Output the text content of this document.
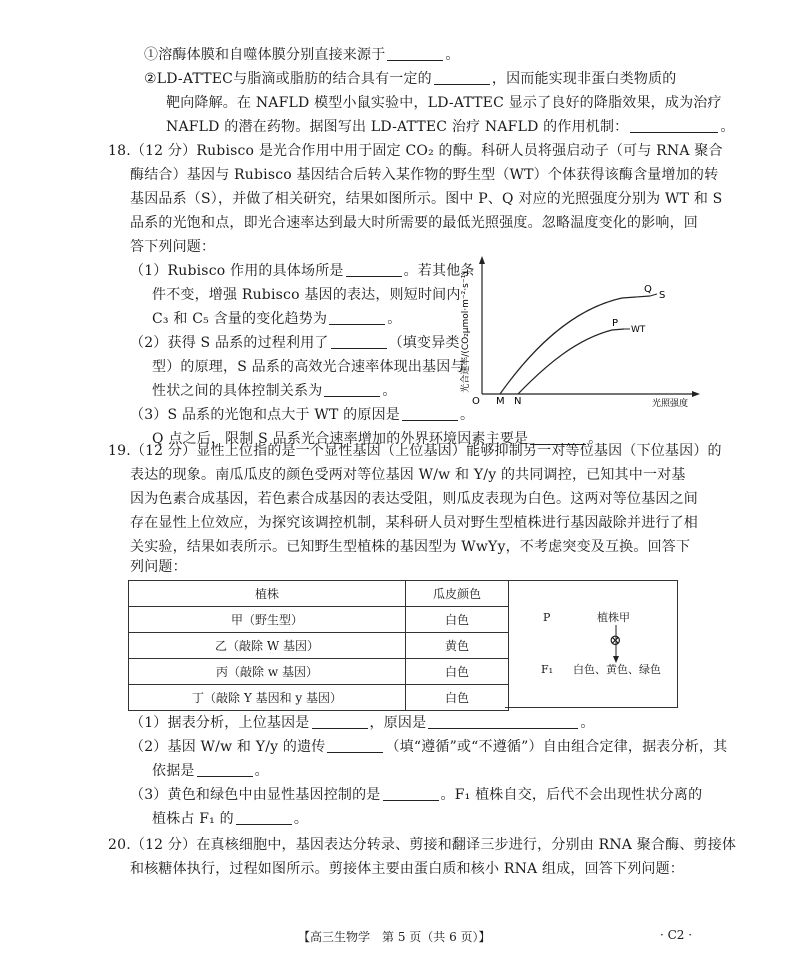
①溶酶体膜和自噬体膜分别直接来源于	。
②LD-ATTEC与脂滴或脂肪的结合具有一定的	，因而能实现非蛋白类物质的
靶向降解。在 NAFLD 模型小鼠实验中，LD-ATTEC 显示了良好的降脂效果，成为治疗
NAFLD 的潜在药物。据图写出 LD-ATTEC 治疗 NAFLD 的作用机制：	。
18.（12 分）Rubisco 是光合作用中用于固定 CO₂ 的酶。科研人员将强启动子（可与 RNA 聚合
酶结合）基因与 Rubisco 基因结合后转入某作物的野生型（WT）个体获得该酶含量增加的转
基因品系（S），并做了相关研究，结果如图所示。图中 P、Q 对应的光照强度分别为 WT 和 S
品系的光饱和点，即光合速率达到最大时所需要的最低光照强度。忽略温度变化的影响，回
答下列问题：
（1）Rubisco 作用的具体场所是	。若其他条
件不变，增强 Rubisco 基因的表达，则短时间内
C₃ 和 C₅ 含量的变化趋势为	。
（2）获得 S 品系的过程利用了	（填变异类
型）的原理，S 品系的高效光合速率体现出基因与
性状之间的具体控制关系为	。
（3）S 品系的光饱和点大于 WT 的原因是	。
Q 点之后，限制 S 品系光合速率增加的外界环境因素主要是	。
光合速率/(CO₂μmol·m⁻²·s⁻¹)
O	光照强度
M N
Q
S
P
WT
19.（12 分）显性上位指的是一个显性基因（上位基因）能够抑制另一对等位基因（下位基因）的
表达的现象。南瓜瓜皮的颜色受两对等位基因 W/w 和 Y/y 的共同调控，已知其中一对基
因为色素合成基因，若色素合成基因的表达受阻，则瓜皮表现为白色。这两对等位基因之间
存在显性上位效应，为探究该调控机制，某科研人员对野生型植株进行基因敲除并进行了相
关实验，结果如表所示。已知野生型植株的基因型为 WwYy，不考虑突变及互换。回答下
列问题：
植株	瓜皮颜色
甲（野生型）	白色
乙（敲除 W 基因）	黄色
丙（敲除 w 基因）	白色
丁（敲除 Y 基因和 y 基因）	白色
P	植株甲
⊗
F₁ 白色、黄色、绿色
（1）据表分析，上位基因是	，原因是	。
（2）基因 W/w 和 Y/y 的遗传	（填“遵循”或“不遵循”）自由组合定律，据表分析，其
依据是	。
（3）黄色和绿色中由显性基因控制的是	。F₁ 植株自交，后代不会出现性状分离的
植株占 F₁ 的	。
20.（12 分）在真核细胞中，基因表达分转录、剪接和翻译三步进行，分别由 RNA 聚合酶、剪接体
和核糖体执行，过程如图所示。剪接体主要由蛋白质和核小 RNA 组成，回答下列问题：
【高三生物学　第 5 页（共 6 页）】	· C2 ·
